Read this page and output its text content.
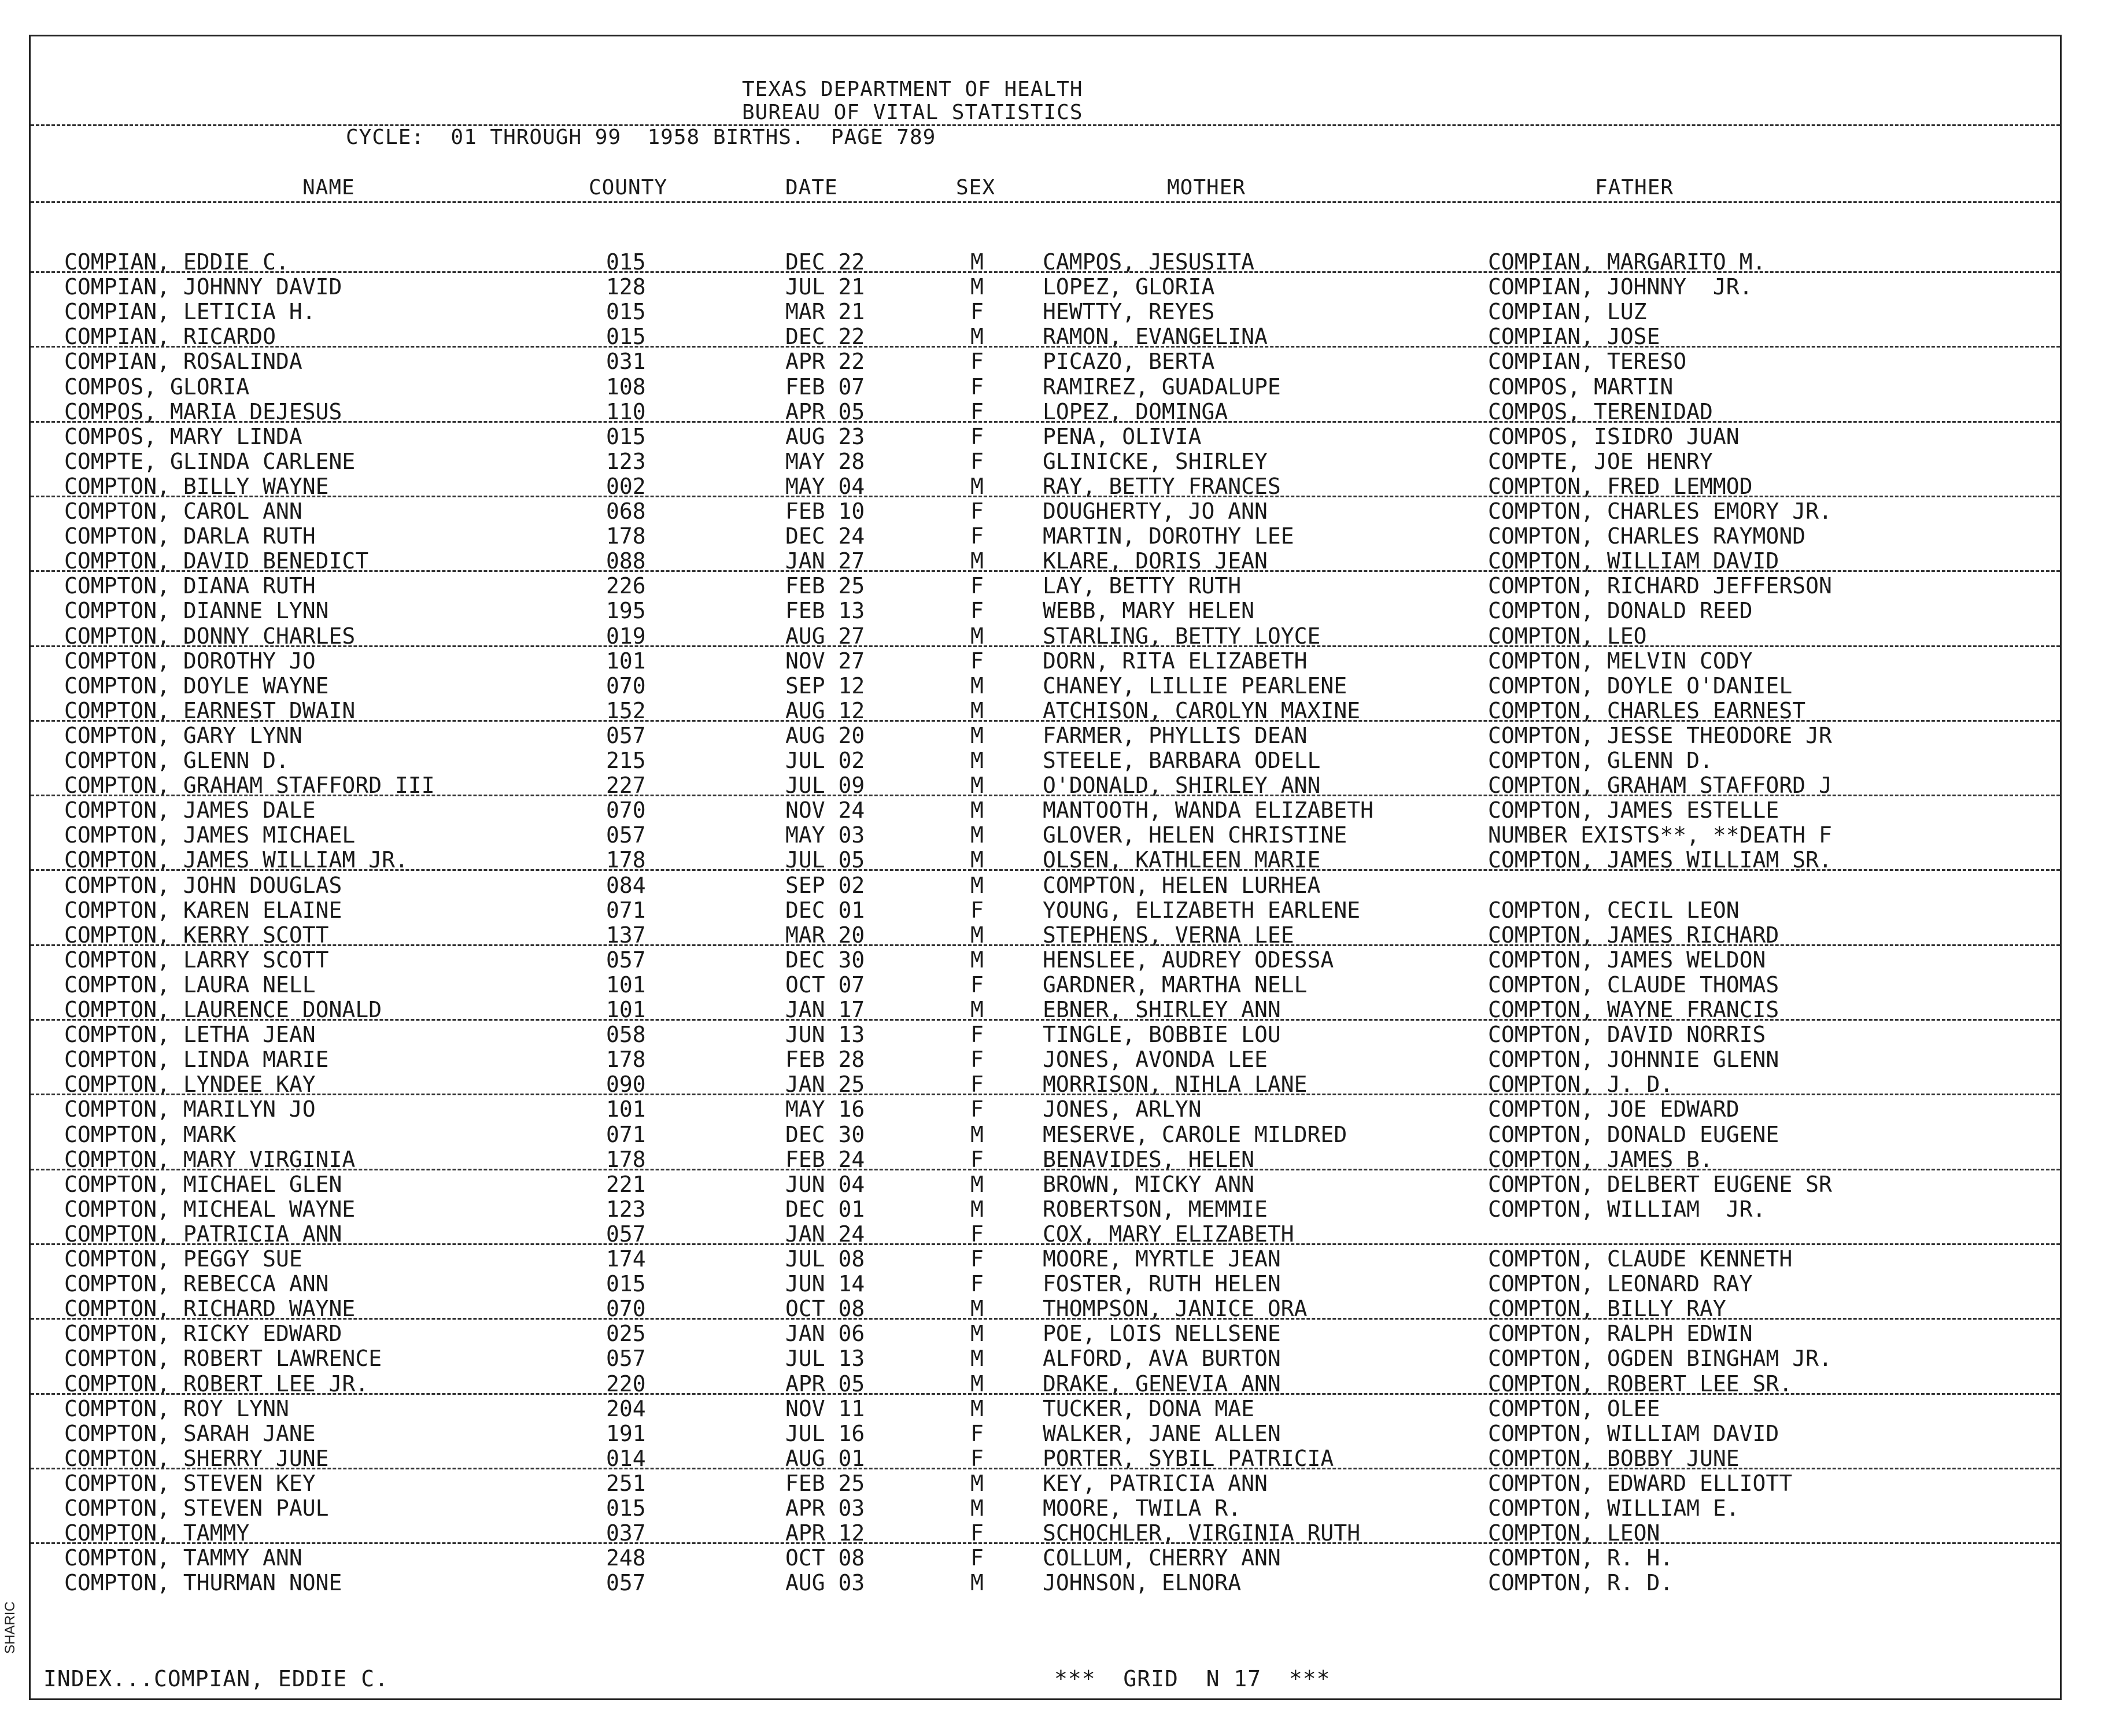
TEXAS DEPARTMENT OF HEALTH
BUREAU OF VITAL STATISTICS
CYCLE:  01 THROUGH 99  1958 BIRTHS.  PAGE 789
NAME	COUNTY	DATE	SEX	MOTHER	FATHER
COMPIAN, EDDIE C.	015	DEC 22	M	CAMPOS, JESUSITA	COMPIAN, MARGARITO M.
COMPIAN, JOHNNY DAVID	128	JUL 21	M	LOPEZ, GLORIA	COMPIAN, JOHNNY  JR.
COMPIAN, LETICIA H.	015	MAR 21	F	HEWTTY, REYES	COMPIAN, LUZ
COMPIAN, RICARDO	015	DEC 22	M	RAMON, EVANGELINA	COMPIAN, JOSE
COMPIAN, ROSALINDA	031	APR 22	F	PICAZO, BERTA	COMPIAN, TERESO
COMPOS, GLORIA	108	FEB 07	F	RAMIREZ, GUADALUPE	COMPOS, MARTIN
COMPOS, MARIA DEJESUS	110	APR 05	F	LOPEZ, DOMINGA	COMPOS, TERENIDAD
COMPOS, MARY LINDA	015	AUG 23	F	PENA, OLIVIA	COMPOS, ISIDRO JUAN
COMPTE, GLINDA CARLENE	123	MAY 28	F	GLINICKE, SHIRLEY	COMPTE, JOE HENRY
COMPTON, BILLY WAYNE	002	MAY 04	M	RAY, BETTY FRANCES	COMPTON, FRED LEMMOD
COMPTON, CAROL ANN	068	FEB 10	F	DOUGHERTY, JO ANN	COMPTON, CHARLES EMORY JR.
COMPTON, DARLA RUTH	178	DEC 24	F	MARTIN, DOROTHY LEE	COMPTON, CHARLES RAYMOND
COMPTON, DAVID BENEDICT	088	JAN 27	M	KLARE, DORIS JEAN	COMPTON, WILLIAM DAVID
COMPTON, DIANA RUTH	226	FEB 25	F	LAY, BETTY RUTH	COMPTON, RICHARD JEFFERSON
COMPTON, DIANNE LYNN	195	FEB 13	F	WEBB, MARY HELEN	COMPTON, DONALD REED
COMPTON, DONNY CHARLES	019	AUG 27	M	STARLING, BETTY LOYCE	COMPTON, LEO
COMPTON, DOROTHY JO	101	NOV 27	F	DORN, RITA ELIZABETH	COMPTON, MELVIN CODY
COMPTON, DOYLE WAYNE	070	SEP 12	M	CHANEY, LILLIE PEARLENE	COMPTON, DOYLE O'DANIEL
COMPTON, EARNEST DWAIN	152	AUG 12	M	ATCHISON, CAROLYN MAXINE	COMPTON, CHARLES EARNEST
COMPTON, GARY LYNN	057	AUG 20	M	FARMER, PHYLLIS DEAN	COMPTON, JESSE THEODORE JR
COMPTON, GLENN D.	215	JUL 02	M	STEELE, BARBARA ODELL	COMPTON, GLENN D.
COMPTON, GRAHAM STAFFORD III	227	JUL 09	M	O'DONALD, SHIRLEY ANN	COMPTON, GRAHAM STAFFORD J
COMPTON, JAMES DALE	070	NOV 24	M	MANTOOTH, WANDA ELIZABETH	COMPTON, JAMES ESTELLE
COMPTON, JAMES MICHAEL	057	MAY 03	M	GLOVER, HELEN CHRISTINE	NUMBER EXISTS**, **DEATH F
COMPTON, JAMES WILLIAM JR.	178	JUL 05	M	OLSEN, KATHLEEN MARIE	COMPTON, JAMES WILLIAM SR.
COMPTON, JOHN DOUGLAS	084	SEP 02	M	COMPTON, HELEN LURHEA
COMPTON, KAREN ELAINE	071	DEC 01	F	YOUNG, ELIZABETH EARLENE	COMPTON, CECIL LEON
COMPTON, KERRY SCOTT	137	MAR 20	M	STEPHENS, VERNA LEE	COMPTON, JAMES RICHARD
COMPTON, LARRY SCOTT	057	DEC 30	M	HENSLEE, AUDREY ODESSA	COMPTON, JAMES WELDON
COMPTON, LAURA NELL	101	OCT 07	F	GARDNER, MARTHA NELL	COMPTON, CLAUDE THOMAS
COMPTON, LAURENCE DONALD	101	JAN 17	M	EBNER, SHIRLEY ANN	COMPTON, WAYNE FRANCIS
COMPTON, LETHA JEAN	058	JUN 13	F	TINGLE, BOBBIE LOU	COMPTON, DAVID NORRIS
COMPTON, LINDA MARIE	178	FEB 28	F	JONES, AVONDA LEE	COMPTON, JOHNNIE GLENN
COMPTON, LYNDEE KAY	090	JAN 25	F	MORRISON, NIHLA LANE	COMPTON, J. D.
COMPTON, MARILYN JO	101	MAY 16	F	JONES, ARLYN	COMPTON, JOE EDWARD
COMPTON, MARK	071	DEC 30	M	MESERVE, CAROLE MILDRED	COMPTON, DONALD EUGENE
COMPTON, MARY VIRGINIA	178	FEB 24	F	BENAVIDES, HELEN	COMPTON, JAMES B.
COMPTON, MICHAEL GLEN	221	JUN 04	M	BROWN, MICKY ANN	COMPTON, DELBERT EUGENE SR
COMPTON, MICHEAL WAYNE	123	DEC 01	M	ROBERTSON, MEMMIE	COMPTON, WILLIAM  JR.
COMPTON, PATRICIA ANN	057	JAN 24	F	COX, MARY ELIZABETH
COMPTON, PEGGY SUE	174	JUL 08	F	MOORE, MYRTLE JEAN	COMPTON, CLAUDE KENNETH
COMPTON, REBECCA ANN	015	JUN 14	F	FOSTER, RUTH HELEN	COMPTON, LEONARD RAY
COMPTON, RICHARD WAYNE	070	OCT 08	M	THOMPSON, JANICE ORA	COMPTON, BILLY RAY
COMPTON, RICKY EDWARD	025	JAN 06	M	POE, LOIS NELLSENE	COMPTON, RALPH EDWIN
COMPTON, ROBERT LAWRENCE	057	JUL 13	M	ALFORD, AVA BURTON	COMPTON, OGDEN BINGHAM JR.
COMPTON, ROBERT LEE JR.	220	APR 05	M	DRAKE, GENEVIA ANN	COMPTON, ROBERT LEE SR.
COMPTON, ROY LYNN	204	NOV 11	M	TUCKER, DONA MAE	COMPTON, OLEE
COMPTON, SARAH JANE	191	JUL 16	F	WALKER, JANE ALLEN	COMPTON, WILLIAM DAVID
COMPTON, SHERRY JUNE	014	AUG 01	F	PORTER, SYBIL PATRICIA	COMPTON, BOBBY JUNE
COMPTON, STEVEN KEY	251	FEB 25	M	KEY, PATRICIA ANN	COMPTON, EDWARD ELLIOTT
COMPTON, STEVEN PAUL	015	APR 03	M	MOORE, TWILA R.	COMPTON, WILLIAM E.
COMPTON, TAMMY	037	APR 12	F	SCHOCHLER, VIRGINIA RUTH	COMPTON, LEON
COMPTON, TAMMY ANN	248	OCT 08	F	COLLUM, CHERRY ANN	COMPTON, R. H.
COMPTON, THURMAN NONE	057	AUG 03	M	JOHNSON, ELNORA	COMPTON, R. D.
INDEX...COMPIAN, EDDIE C.	***  GRID  N 17  ***
SHARIC
